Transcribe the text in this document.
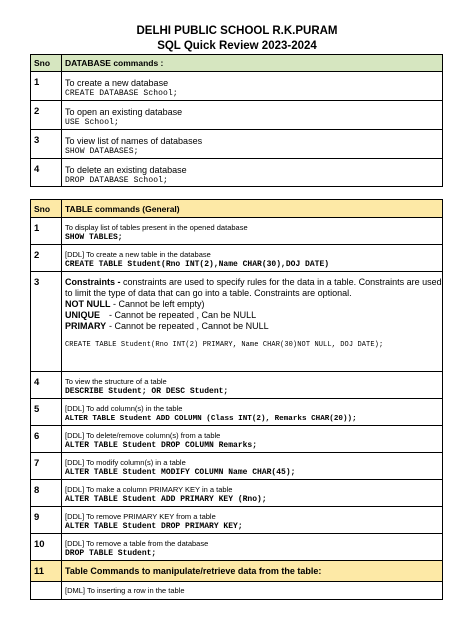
DELHI PUBLIC SCHOOL R.K.PURAM
SQL Quick Review 2023-2024
Sno	DATABASE commands :
1	To create a new database
CREATE DATABASE School;

2	To open an existing database
USE School;

3	To view list of names of databases
SHOW DATABASES;

4	To delete an existing database
DROP DATABASE School;
Sno	TABLE commands (General)
1	To display list of tables present in the opened database
SHOW TABLES;

2	[DDL] To create a new table in the database
CREATE TABLE Student(Rno INT(2),Name CHAR(30),DOJ DATE)

3	Constraints - constraints are used to specify rules for the data in a table. Constraints are used to limit the type of data that can go into a table. Constraints are optional.
NOT NULL - Cannot be left empty)
UNIQUE - Cannot be repeated , Can be NULL
PRIMARY - Cannot be repeated , Cannot be NULL
CREATE TABLE Student(Rno INT(2) PRIMARY, Name CHAR(30)NOT NULL, DOJ DATE);

4	To view the structure of a table
DESCRIBE Student; OR DESC Student;

5	[DDL] To add column(s) in the table
ALTER TABLE Student ADD COLUMN (Class INT(2), Remarks CHAR(20));

6	[DDL] To delete/remove column(s) from a table
ALTER TABLE Student DROP COLUMN Remarks;

7	[DDL] To modify column(s) in a table
ALTER TABLE Student MODIFY COLUMN Name CHAR(45);

8	[DDL] To make a column PRIMARY KEY in a table
ALTER TABLE Student ADD PRIMARY KEY (Rno);

9	[DDL] To remove PRIMARY KEY from a table
ALTER TABLE Student DROP PRIMARY KEY;

10	[DDL] To remove a table from the database
DROP TABLE Student;

11	Table Commands to manipulate/retrieve data from the table:

	[DML] To inserting a row in the table
